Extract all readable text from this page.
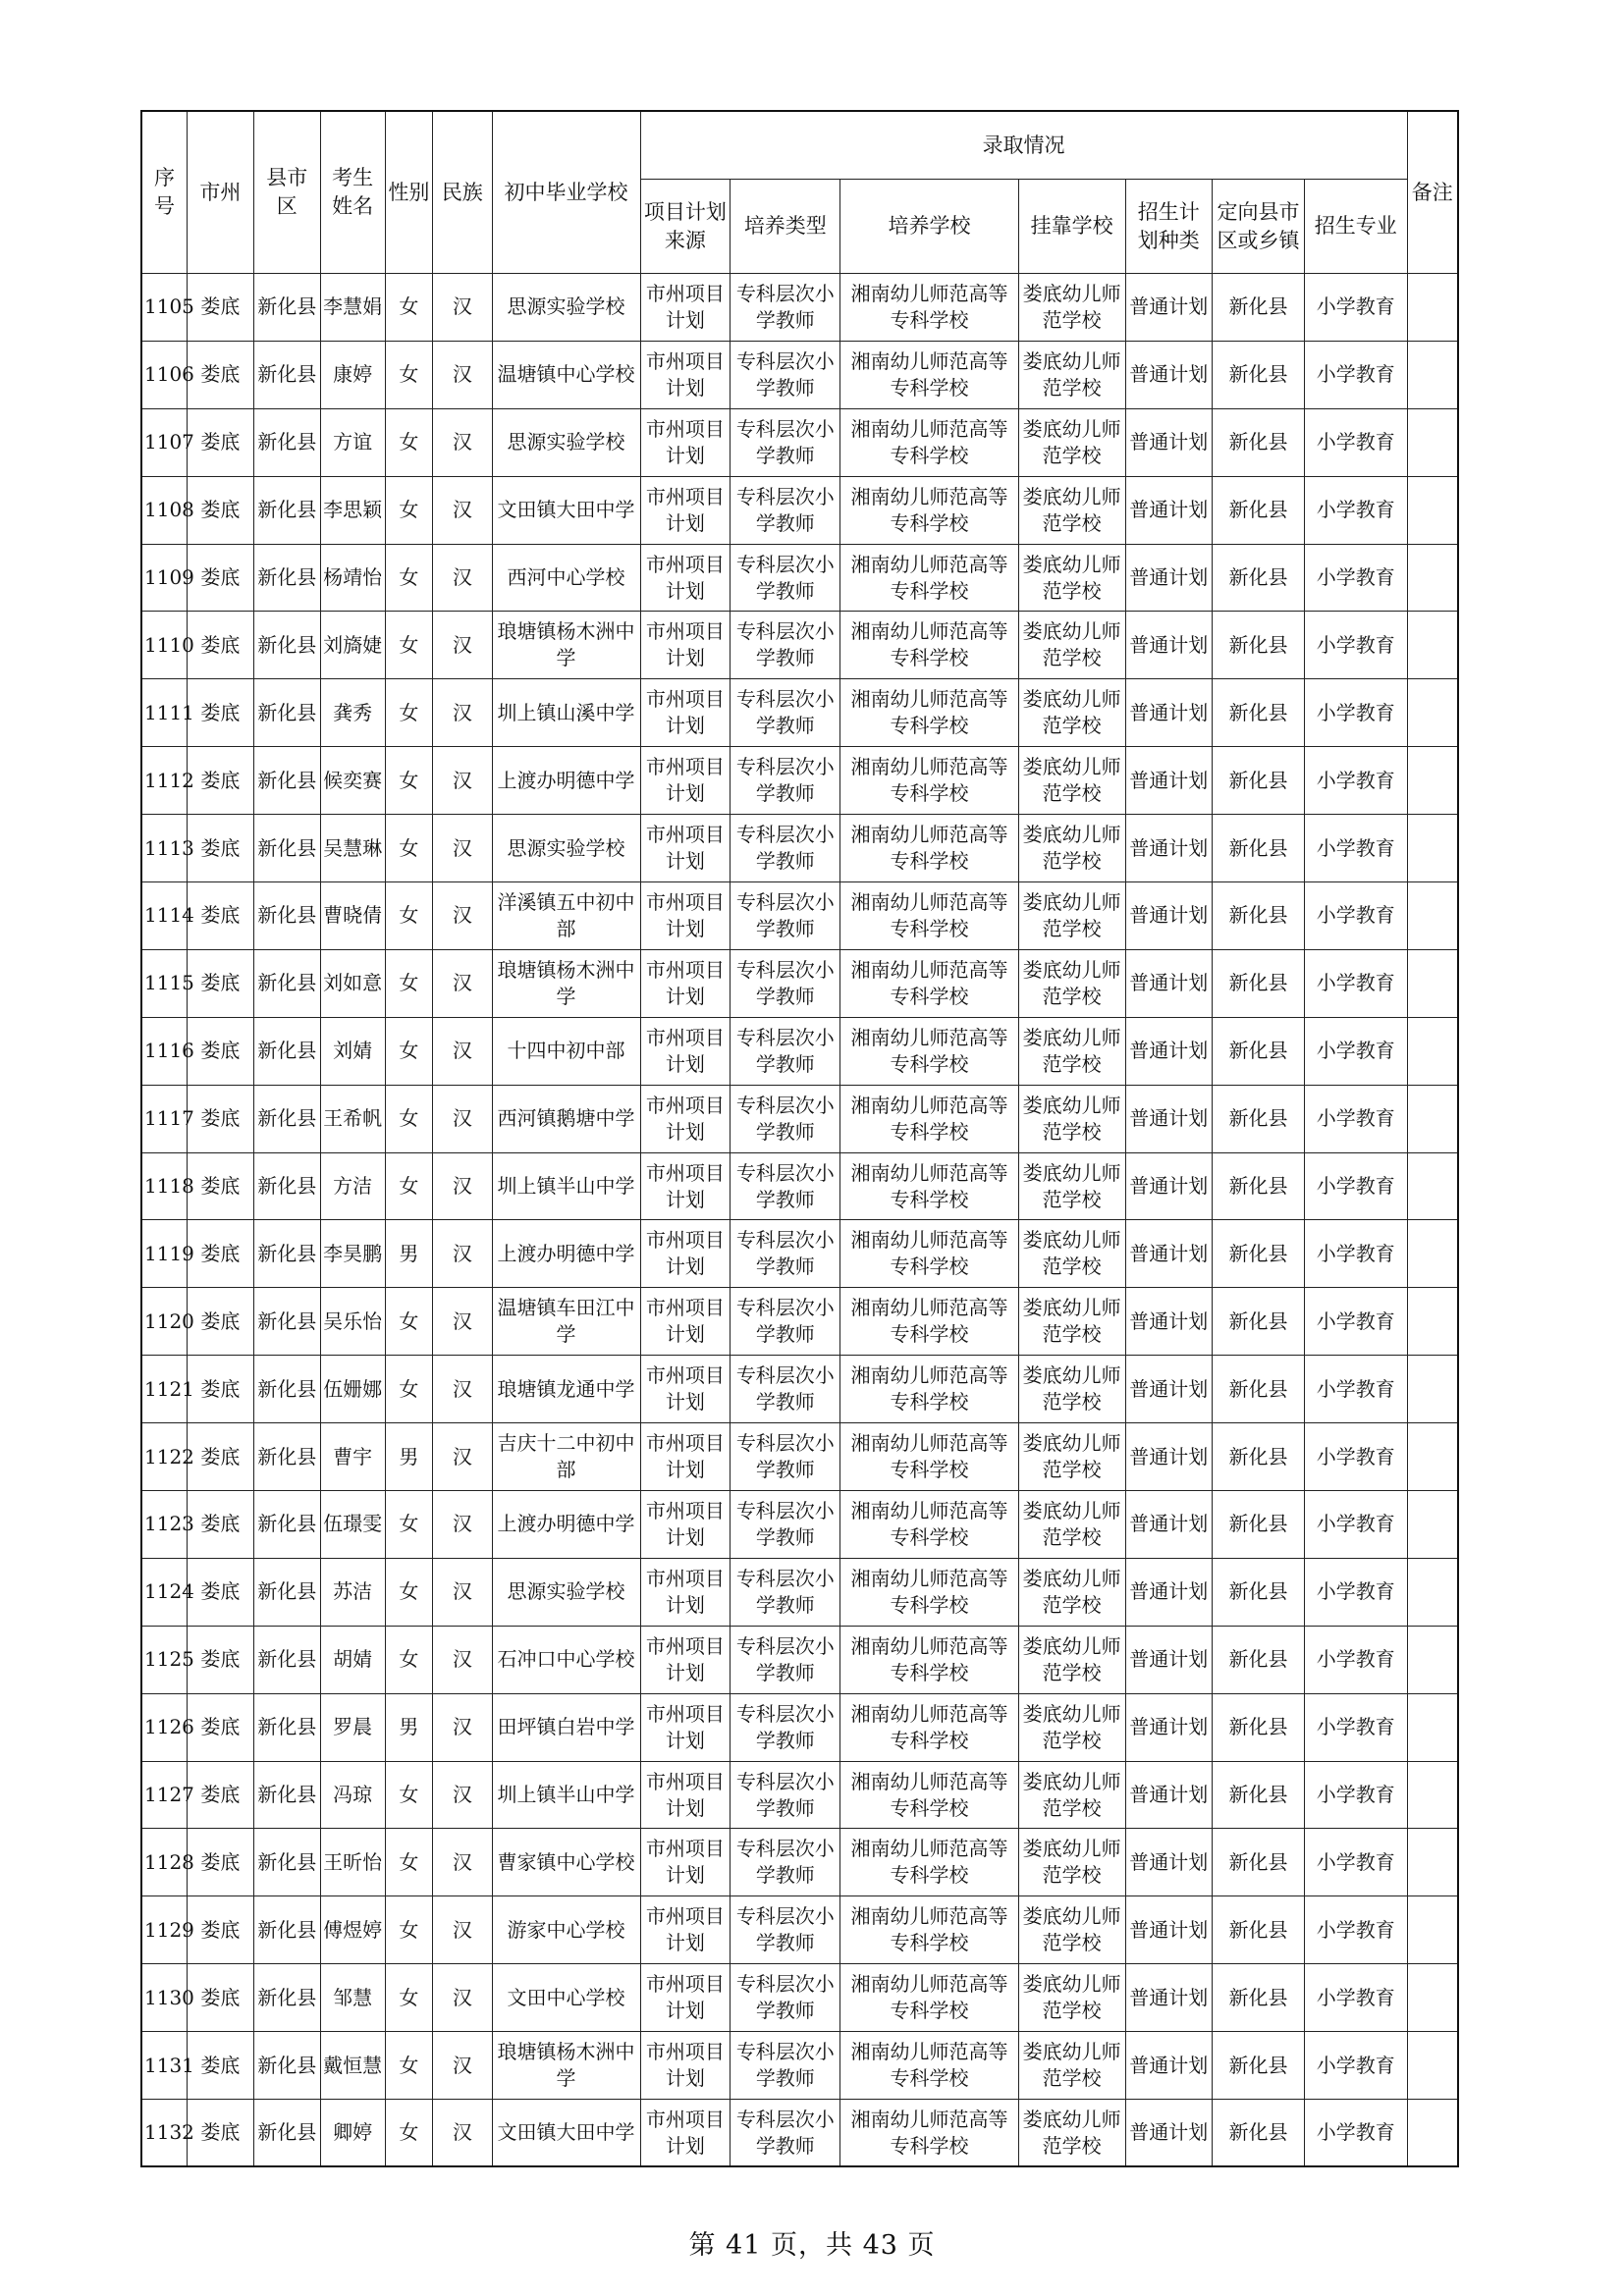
序号	市州	县市区	考生姓名	性别	民族	初中毕业学校	录取情况							备注
							项目计划来源	培养类型	培养学校	挂靠学校	招生计划种类	定向县市区或乡镇	招生专业	
1105	娄底	新化县	李慧娟	女	汉	思源实验学校	市州项目计划	专科层次小学教师	湘南幼儿师范高等专科学校	娄底幼儿师范学校	普通计划	新化县	小学教育	
1106	娄底	新化县	康婷	女	汉	温塘镇中心学校	市州项目计划	专科层次小学教师	湘南幼儿师范高等专科学校	娄底幼儿师范学校	普通计划	新化县	小学教育	
1107	娄底	新化县	方谊	女	汉	思源实验学校	市州项目计划	专科层次小学教师	湘南幼儿师范高等专科学校	娄底幼儿师范学校	普通计划	新化县	小学教育	
1108	娄底	新化县	李思颖	女	汉	文田镇大田中学	市州项目计划	专科层次小学教师	湘南幼儿师范高等专科学校	娄底幼儿师范学校	普通计划	新化县	小学教育	
1109	娄底	新化县	杨靖怡	女	汉	西河中心学校	市州项目计划	专科层次小学教师	湘南幼儿师范高等专科学校	娄底幼儿师范学校	普通计划	新化县	小学教育	
1110	娄底	新化县	刘旖婕	女	汉	琅塘镇杨木洲中学	市州项目计划	专科层次小学教师	湘南幼儿师范高等专科学校	娄底幼儿师范学校	普通计划	新化县	小学教育	
1111	娄底	新化县	龚秀	女	汉	圳上镇山溪中学	市州项目计划	专科层次小学教师	湘南幼儿师范高等专科学校	娄底幼儿师范学校	普通计划	新化县	小学教育	
1112	娄底	新化县	候奕赛	女	汉	上渡办明德中学	市州项目计划	专科层次小学教师	湘南幼儿师范高等专科学校	娄底幼儿师范学校	普通计划	新化县	小学教育	
1113	娄底	新化县	吴慧琳	女	汉	思源实验学校	市州项目计划	专科层次小学教师	湘南幼儿师范高等专科学校	娄底幼儿师范学校	普通计划	新化县	小学教育	
1114	娄底	新化县	曹晓倩	女	汉	洋溪镇五中初中部	市州项目计划	专科层次小学教师	湘南幼儿师范高等专科学校	娄底幼儿师范学校	普通计划	新化县	小学教育	
1115	娄底	新化县	刘如意	女	汉	琅塘镇杨木洲中学	市州项目计划	专科层次小学教师	湘南幼儿师范高等专科学校	娄底幼儿师范学校	普通计划	新化县	小学教育	
1116	娄底	新化县	刘婧	女	汉	十四中初中部	市州项目计划	专科层次小学教师	湘南幼儿师范高等专科学校	娄底幼儿师范学校	普通计划	新化县	小学教育	
1117	娄底	新化县	王希帆	女	汉	西河镇鹅塘中学	市州项目计划	专科层次小学教师	湘南幼儿师范高等专科学校	娄底幼儿师范学校	普通计划	新化县	小学教育	
1118	娄底	新化县	方洁	女	汉	圳上镇半山中学	市州项目计划	专科层次小学教师	湘南幼儿师范高等专科学校	娄底幼儿师范学校	普通计划	新化县	小学教育	
1119	娄底	新化县	李昊鹏	男	汉	上渡办明德中学	市州项目计划	专科层次小学教师	湘南幼儿师范高等专科学校	娄底幼儿师范学校	普通计划	新化县	小学教育	
1120	娄底	新化县	吴乐怡	女	汉	温塘镇车田江中学	市州项目计划	专科层次小学教师	湘南幼儿师范高等专科学校	娄底幼儿师范学校	普通计划	新化县	小学教育	
1121	娄底	新化县	伍姗娜	女	汉	琅塘镇龙通中学	市州项目计划	专科层次小学教师	湘南幼儿师范高等专科学校	娄底幼儿师范学校	普通计划	新化县	小学教育	
1122	娄底	新化县	曹宇	男	汉	吉庆十二中初中部	市州项目计划	专科层次小学教师	湘南幼儿师范高等专科学校	娄底幼儿师范学校	普通计划	新化县	小学教育	
1123	娄底	新化县	伍璟雯	女	汉	上渡办明德中学	市州项目计划	专科层次小学教师	湘南幼儿师范高等专科学校	娄底幼儿师范学校	普通计划	新化县	小学教育	
1124	娄底	新化县	苏洁	女	汉	思源实验学校	市州项目计划	专科层次小学教师	湘南幼儿师范高等专科学校	娄底幼儿师范学校	普通计划	新化县	小学教育	
1125	娄底	新化县	胡婧	女	汉	石冲口中心学校	市州项目计划	专科层次小学教师	湘南幼儿师范高等专科学校	娄底幼儿师范学校	普通计划	新化县	小学教育	
1126	娄底	新化县	罗晨	男	汉	田坪镇白岩中学	市州项目计划	专科层次小学教师	湘南幼儿师范高等专科学校	娄底幼儿师范学校	普通计划	新化县	小学教育	
1127	娄底	新化县	冯琼	女	汉	圳上镇半山中学	市州项目计划	专科层次小学教师	湘南幼儿师范高等专科学校	娄底幼儿师范学校	普通计划	新化县	小学教育	
1128	娄底	新化县	王昕怡	女	汉	曹家镇中心学校	市州项目计划	专科层次小学教师	湘南幼儿师范高等专科学校	娄底幼儿师范学校	普通计划	新化县	小学教育	
1129	娄底	新化县	傅煜婷	女	汉	游家中心学校	市州项目计划	专科层次小学教师	湘南幼儿师范高等专科学校	娄底幼儿师范学校	普通计划	新化县	小学教育	
1130	娄底	新化县	邹慧	女	汉	文田中心学校	市州项目计划	专科层次小学教师	湘南幼儿师范高等专科学校	娄底幼儿师范学校	普通计划	新化县	小学教育	
1131	娄底	新化县	戴恒慧	女	汉	琅塘镇杨木洲中学	市州项目计划	专科层次小学教师	湘南幼儿师范高等专科学校	娄底幼儿师范学校	普通计划	新化县	小学教育	
1132	娄底	新化县	卿婷	女	汉	文田镇大田中学	市州项目计划	专科层次小学教师	湘南幼儿师范高等专科学校	娄底幼儿师范学校	普通计划	新化县	小学教育	
第 41 页，共 43 页
